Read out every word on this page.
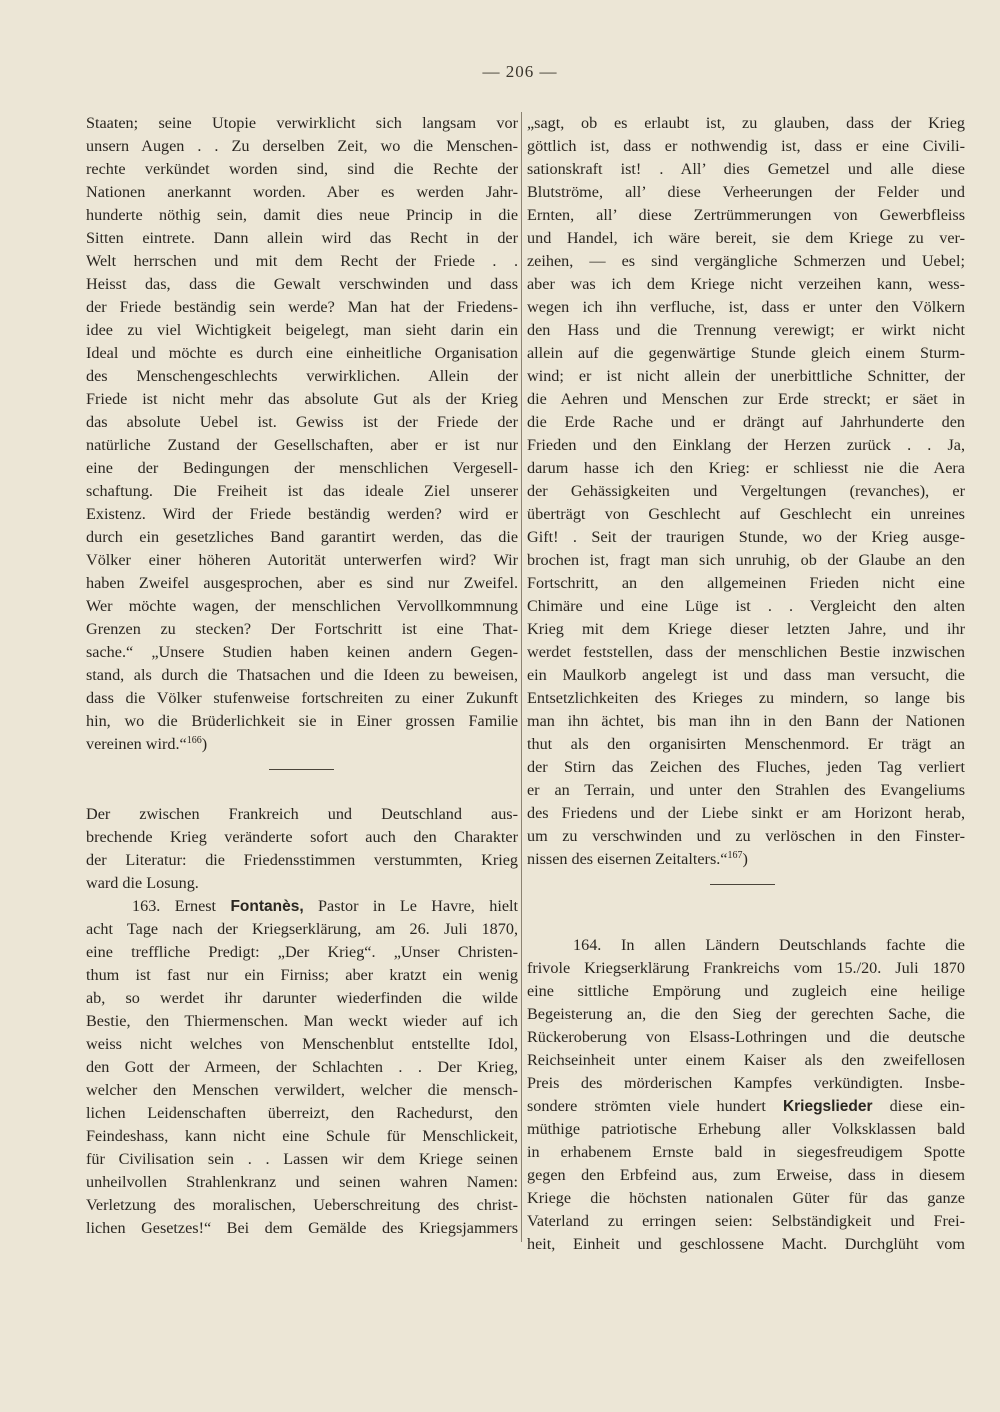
— 206 —
Staaten; seine Utopie verwirklicht sich langsam vor
unsern Augen . . Zu derselben Zeit, wo die Menschen-
rechte verkündet worden sind, sind die Rechte der
Nationen anerkannt worden. Aber es werden Jahr-
hunderte nöthig sein, damit dies neue Princip in die
Sitten eintrete. Dann allein wird das Recht in der
Welt herrschen und mit dem Recht der Friede . .
Heisst das, dass die Gewalt verschwinden und dass
der Friede beständig sein werde? Man hat der Friedens-
idee zu viel Wichtigkeit beigelegt, man sieht darin ein
Ideal und möchte es durch eine einheitliche Organisation
des Menschengeschlechts verwirklichen. Allein der
Friede ist nicht mehr das absolute Gut als der Krieg
das absolute Uebel ist. Gewiss ist der Friede der
natürliche Zustand der Gesellschaften, aber er ist nur
eine der Bedingungen der menschlichen Vergesell-
schaftung. Die Freiheit ist das ideale Ziel unserer
Existenz. Wird der Friede beständig werden? wird er
durch ein gesetzliches Band garantirt werden, das die
Völker einer höheren Autorität unterwerfen wird? Wir
haben Zweifel ausgesprochen, aber es sind nur Zweifel.
Wer möchte wagen, der menschlichen Vervollkommnung
Grenzen zu stecken? Der Fortschritt ist eine That-
sache.“ „Unsere Studien haben keinen andern Gegen-
stand, als durch die Thatsachen und die Ideen zu beweisen,
dass die Völker stufenweise fortschreiten zu einer Zukunft
hin, wo die Brüderlichkeit sie in Einer grossen Familie
vereinen wird.“$^{166}$)
Der zwischen Frankreich und Deutschland aus-
brechende Krieg veränderte sofort auch den Charakter
der Literatur: die Friedensstimmen verstummten, Krieg
ward die Losung.
163. Ernest Fontanès, Pastor in Le Havre, hielt
acht Tage nach der Kriegserklärung, am 26. Juli 1870,
eine treffliche Predigt: „Der Krieg“. „Unser Christen-
thum ist fast nur ein Firniss; aber kratzt ein wenig
ab, so werdet ihr darunter wiederfinden die wilde
Bestie, den Thiermenschen. Man weckt wieder auf ich
weiss nicht welches von Menschenblut entstellte Idol,
den Gott der Armeen, der Schlachten . . Der Krieg,
welcher den Menschen verwildert, welcher die mensch-
lichen Leidenschaften überreizt, den Rachedurst, den
Feindeshass, kann nicht eine Schule für Menschlickeit,
für Civilisation sein . . Lassen wir dem Kriege seinen
unheilvollen Strahlenkranz und seinen wahren Namen:
Verletzung des moralischen, Ueberschreitung des christ-
lichen Gesetzes!“ Bei dem Gemälde des Kriegsjammers
„sagt, ob es erlaubt ist, zu glauben, dass der Krieg
göttlich ist, dass er nothwendig ist, dass er eine Civili-
sationskraft ist! . All’ dies Gemetzel und alle diese
Blutströme, all’ diese Verheerungen der Felder und
Ernten, all’ diese Zertrümmerungen von Gewerbfleiss
und Handel, ich wäre bereit, sie dem Kriege zu ver-
zeihen, — es sind vergängliche Schmerzen und Uebel;
aber was ich dem Kriege nicht verzeihen kann, wess-
wegen ich ihn verfluche, ist, dass er unter den Völkern
den Hass und die Trennung verewigt; er wirkt nicht
allein auf die gegenwärtige Stunde gleich einem Sturm-
wind; er ist nicht allein der unerbittliche Schnitter, der
die Aehren und Menschen zur Erde streckt; er säet in
die Erde Rache und er drängt auf Jahrhunderte den
Frieden und den Einklang der Herzen zurück . . Ja,
darum hasse ich den Krieg: er schliesst nie die Aera
der Gehässigkeiten und Vergeltungen (revanches), er
überträgt von Geschlecht auf Geschlecht ein unreines
Gift! . Seit der traurigen Stunde, wo der Krieg ausge-
brochen ist, fragt man sich unruhig, ob der Glaube an den
Fortschritt, an den allgemeinen Frieden nicht eine
Chimäre und eine Lüge ist . . Vergleicht den alten
Krieg mit dem Kriege dieser letzten Jahre, und ihr
werdet feststellen, dass der menschlichen Bestie inzwischen
ein Maulkorb angelegt ist und dass man versucht, die
Entsetzlichkeiten des Krieges zu mindern, so lange bis
man ihn ächtet, bis man ihn in den Bann der Nationen
thut als den organisirten Menschenmord. Er trägt an
der Stirn das Zeichen des Fluches, jeden Tag verliert
er an Terrain, und unter den Strahlen des Evangeliums
des Friedens und der Liebe sinkt er am Horizont herab,
um zu verschwinden und zu verlöschen in den Finster-
nissen des eisernen Zeitalters.“$^{167}$)
164. In allen Ländern Deutschlands fachte die
frivole Kriegserklärung Frankreichs vom 15./20. Juli 1870
eine sittliche Empörung und zugleich eine heilige
Begeisterung an, die den Sieg der gerechten Sache, die
Rückeroberung von Elsass-Lothringen und die deutsche
Reichseinheit unter einem Kaiser als den zweifellosen
Preis des mörderischen Kampfes verkündigten. Insbe-
sondere strömten viele hundert Kriegslieder diese ein-
müthige patriotische Erhebung aller Volksklassen bald
in erhabenem Ernste bald in siegesfreudigem Spotte
gegen den Erbfeind aus, zum Erweise, dass in diesem
Kriege die höchsten nationalen Güter für das ganze
Vaterland zu erringen seien: Selbständigkeit und Frei-
heit, Einheit und geschlossene Macht. Durchglüht vom
